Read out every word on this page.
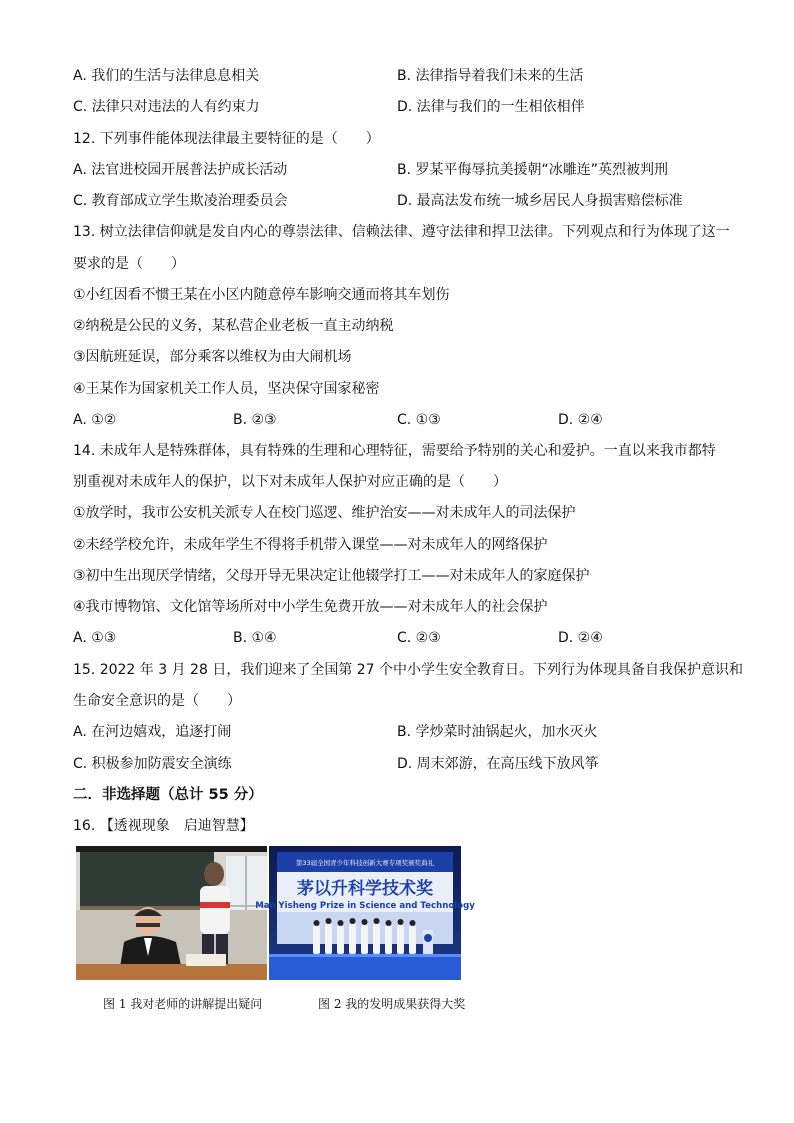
A. 我们的生活与法律息息相关	B. 法律指导着我们未来的生活
C. 法律只对违法的人有约束力	D. 法律与我们的一生相依相伴
12. 下列事件能体现法律最主要特征的是（　　）
A. 法官进校园开展普法护成长活动	B. 罗某平侮辱抗美援朝“冰雕连”英烈被判刑
C. 教育部成立学生欺凌治理委员会	D. 最高法发布统一城乡居民人身损害赔偿标准
13. 树立法律信仰就是发自内心的尊崇法律、信赖法律、遵守法律和捍卫法律。下列观点和行为体现了这一
要求的是（　　）
①小红因看不惯王某在小区内随意停车影响交通而将其车划伤
②纳税是公民的义务，某私营企业老板一直主动纳税
③因航班延误，部分乘客以维权为由大闹机场
④王某作为国家机关工作人员，坚决保守国家秘密
A. ①②	B. ②③	C. ①③	D. ②④
14. 未成年人是特殊群体，具有特殊的生理和心理特征，需要给予特别的关心和爱护。一直以来我市都特
别重视对未成年人的保护，以下对未成年人保护对应正确的是（　　）
①放学时，我市公安机关派专人在校门巡逻、维护治安——对未成年人的司法保护
②未经学校允许，未成年学生不得将手机带入课堂——对未成年人的网络保护
③初中生出现厌学情绪，父母开导无果决定让他辍学打工——对未成年人的家庭保护
④我市博物馆、文化馆等场所对中小学生免费开放——对未成年人的社会保护
A. ①③	B. ①④	C. ②③	D. ②④
15. 2022 年 3 月 28 日，我们迎来了全国第 27 个中小学生安全教育日。下列行为体现具备自我保护意识和
生命安全意识的是（　　）
A. 在河边嬉戏，追逐打闹	B. 学炒菜时油锅起火，加水灭火
C. 积极参加防震安全演练	D. 周末郊游，在高压线下放风筝
二．非选择题（总计 55 分）
16. 【透视现象　启迪智慧】
第33届全国青少年科技创新大赛专项奖颁奖典礼
茅以升科学技术奖
Mao Yisheng Prize in Science and Technology
图 1 我对老师的讲解提出疑问	图 2 我的发明成果获得大奖
